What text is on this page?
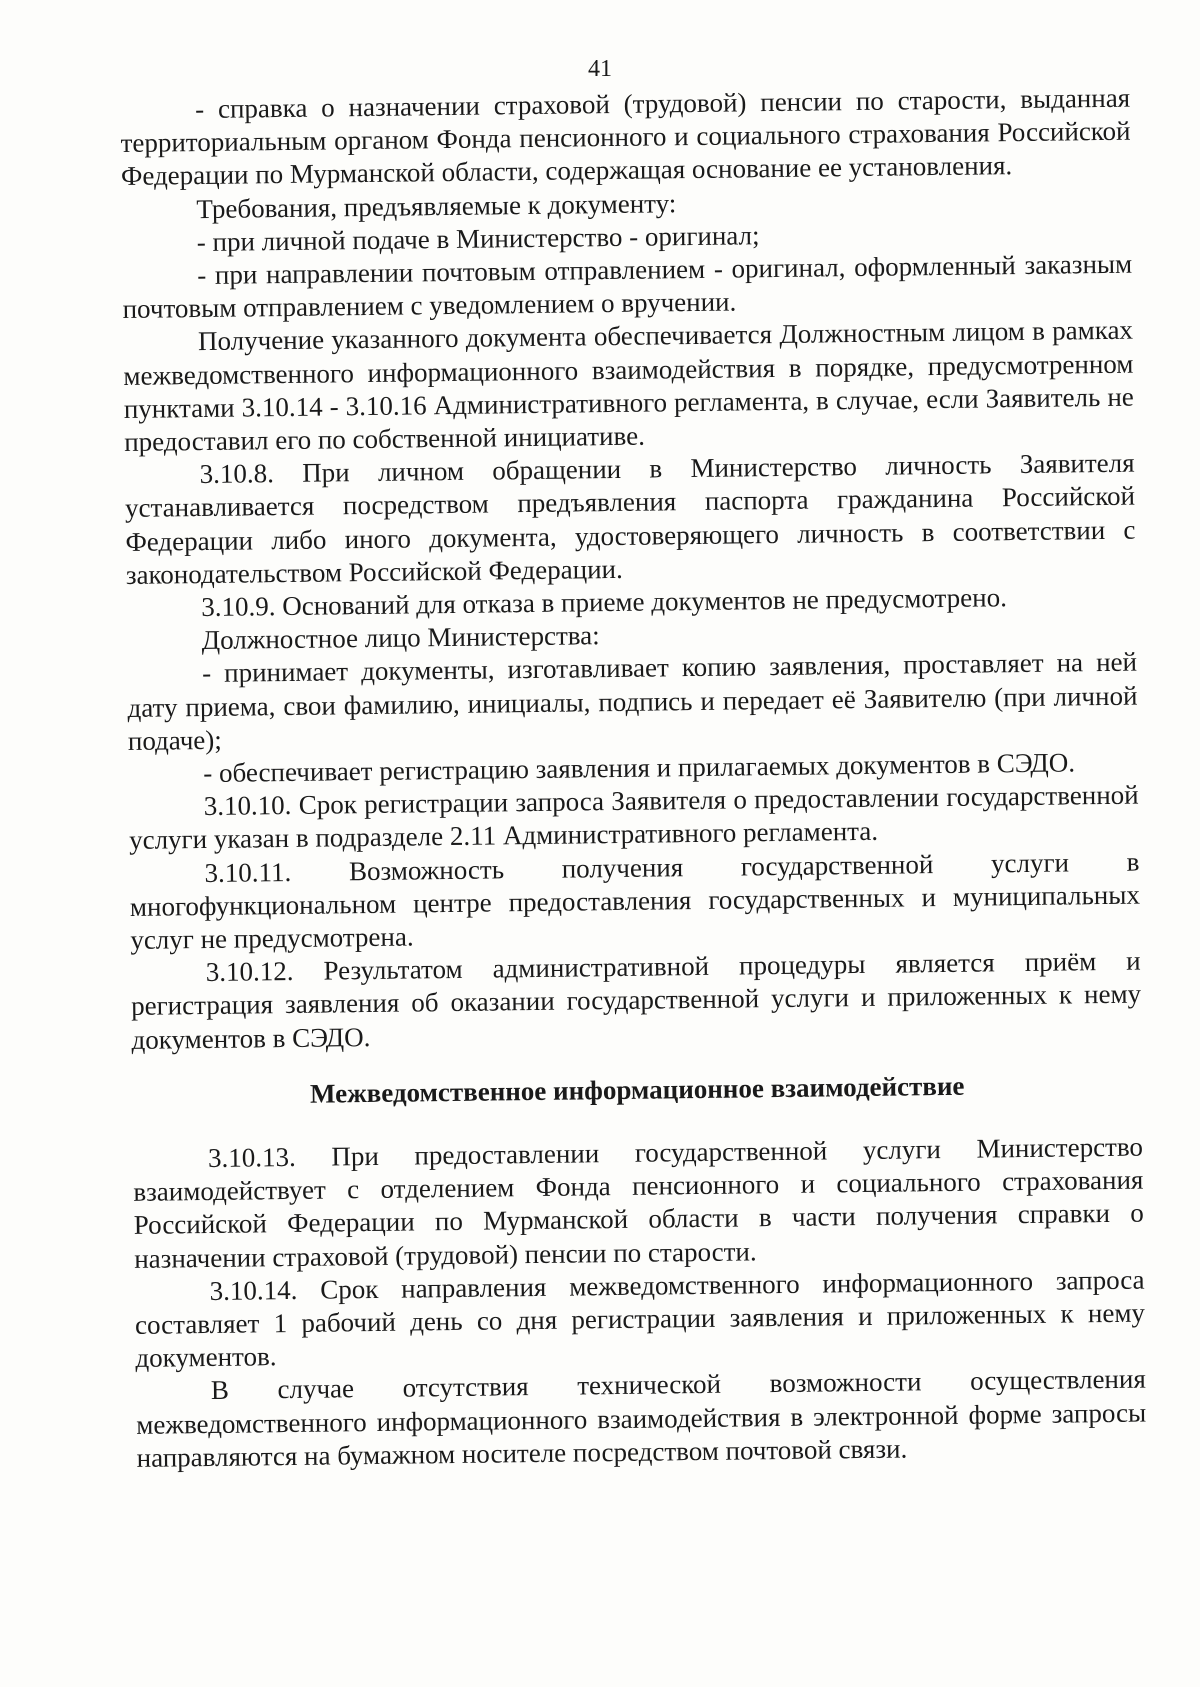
41

- справка о назначении страховой (трудовой) пенсии по старости, выданная территориальным органом Фонда пенсионного и социального страхования Российской Федерации по Мурманской области, содержащая основание ее установления.

Требования, предъявляемые к документу:

- при личной подаче в Министерство - оригинал;

- при направлении почтовым отправлением - оригинал, оформленный заказным почтовым отправлением с уведомлением о вручении.

Получение указанного документа обеспечивается Должностным лицом в рамках межведомственного информационного взаимодействия в порядке, предусмотренном пунктами 3.10.14 - 3.10.16 Административного регламента, в случае, если Заявитель не предоставил его по собственной инициативе.

3.10.8. При личном обращении в Министерство личность Заявителя устанавливается посредством предъявления паспорта гражданина Российской Федерации либо иного документа, удостоверяющего личность в соответствии с законодательством Российской Федерации.

3.10.9. Оснований для отказа в приеме документов не предусмотрено.

Должностное лицо Министерства:

- принимает документы, изготавливает копию заявления, проставляет на ней дату приема, свои фамилию, инициалы, подпись и передает её Заявителю (при личной подаче);

- обеспечивает регистрацию заявления и прилагаемых документов в СЭДО.

3.10.10. Срок регистрации запроса Заявителя о предоставлении государственной услуги указан в подразделе 2.11 Административного регламента.

3.10.11. Возможность получения государственной услуги в многофункциональном центре предоставления государственных и муниципальных услуг не предусмотрена.

3.10.12. Результатом административной процедуры является приём и регистрация заявления об оказании государственной услуги и приложенных к нему документов в СЭДО.

Межведомственное информационное взаимодействие

3.10.13. При предоставлении государственной услуги Министерство взаимодействует с отделением Фонда пенсионного и социального страхования Российской Федерации по Мурманской области в части получения справки о назначении страховой (трудовой) пенсии по старости.

3.10.14. Срок направления межведомственного информационного запроса составляет 1 рабочий день со дня регистрации заявления и приложенных к нему документов.

В случае отсутствия технической возможности осуществления межведомственного информационного взаимодействия в электронной форме запросы направляются на бумажном носителе посредством почтовой связи.
